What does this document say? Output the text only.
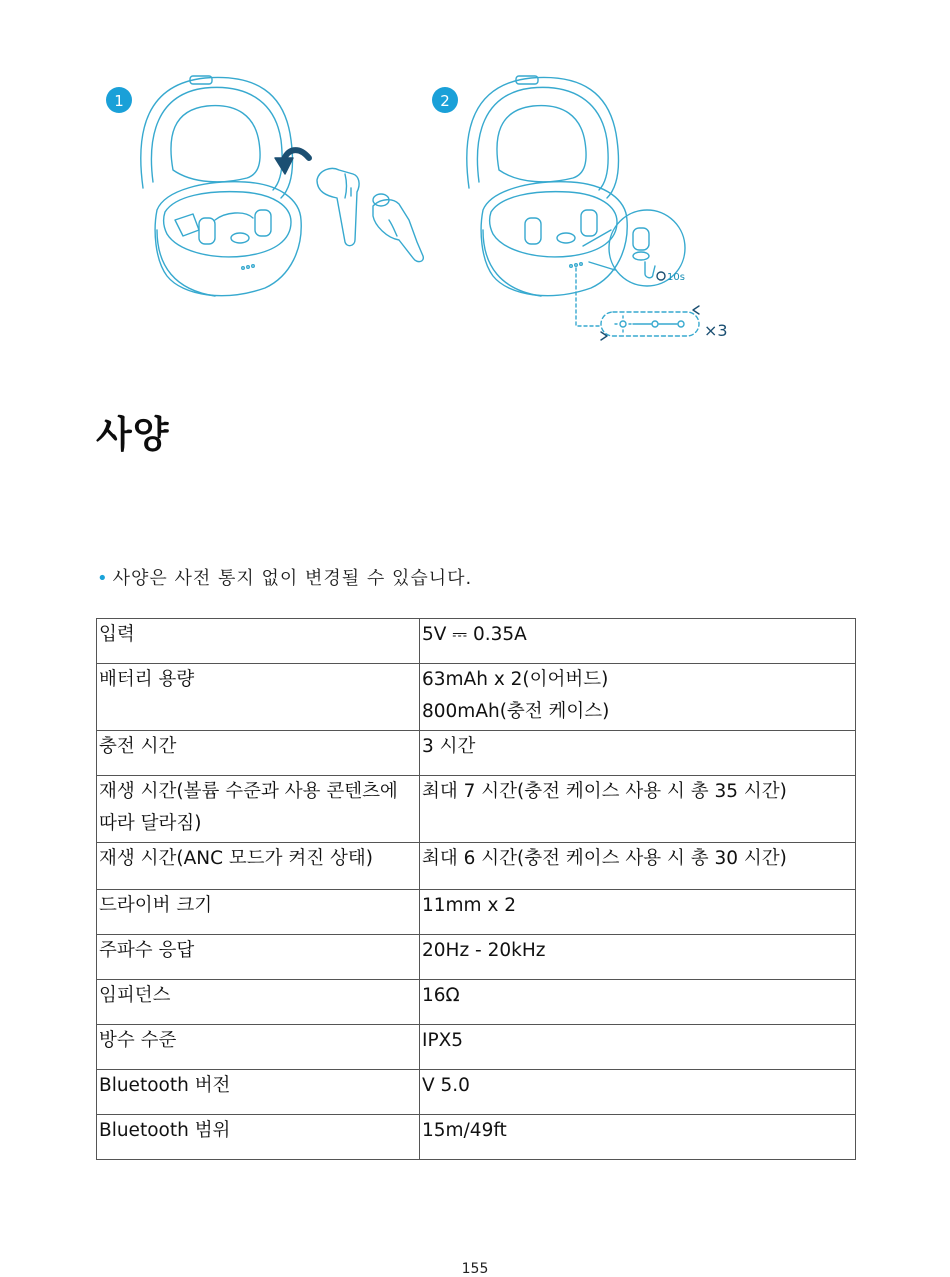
1	2
10s
×3
사양
• 사양은 사전 통지 없이 변경될 수 있습니다.
입력	5V ⎓ 0.35A
배터리 용량	63mAh x 2(이어버드)
800mAh(충전 케이스)
충전 시간	3 시간
재생 시간(볼륨 수준과 사용 콘텐츠에 따라 달라짐)	최대 7 시간(충전 케이스 사용 시 총 35 시간)
재생 시간(ANC 모드가 켜진 상태)	최대 6 시간(충전 케이스 사용 시 총 30 시간)
드라이버 크기	11mm x 2
주파수 응답	20Hz - 20kHz
임피던스	16Ω
방수 수준	IPX5
Bluetooth 버전	V 5.0
Bluetooth 범위	15m/49ft
155
